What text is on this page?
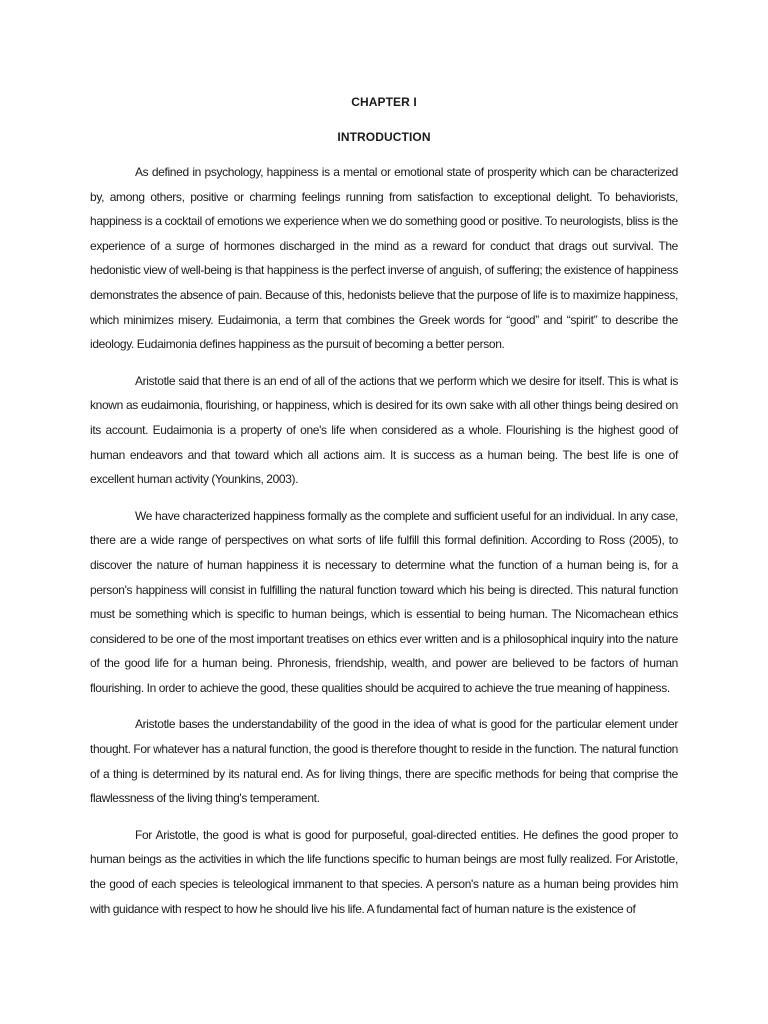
CHAPTER I
INTRODUCTION

As defined in psychology, happiness is a mental or emotional state of prosperity which can be characterized by, among others, positive or charming feelings running from satisfaction to exceptional delight. To behaviorists, happiness is a cocktail of emotions we experience when we do something good or positive. To neurologists, bliss is the experience of a surge of hormones discharged in the mind as a reward for conduct that drags out survival. The hedonistic view of well-being is that happiness is the perfect inverse of anguish, of suffering; the existence of happiness demonstrates the absence of pain. Because of this, hedonists believe that the purpose of life is to maximize happiness, which minimizes misery. Eudaimonia, a term that combines the Greek words for “good” and “spirit” to describe the ideology. Eudaimonia defines happiness as the pursuit of becoming a better person.

Aristotle said that there is an end of all of the actions that we perform which we desire for itself. This is what is known as eudaimonia, flourishing, or happiness, which is desired for its own sake with all other things being desired on its account. Eudaimonia is a property of one's life when considered as a whole. Flourishing is the highest good of human endeavors and that toward which all actions aim. It is success as a human being. The best life is one of excellent human activity (Younkins, 2003).

We have characterized happiness formally as the complete and sufficient useful for an individual. In any case, there are a wide range of perspectives on what sorts of life fulfill this formal definition. According to Ross (2005), to discover the nature of human happiness it is necessary to determine what the function of a human being is, for a person's happiness will consist in fulfilling the natural function toward which his being is directed. This natural function must be something which is specific to human beings, which is essential to being human. The Nicomachean ethics considered to be one of the most important treatises on ethics ever written and is a philosophical inquiry into the nature of the good life for a human being. Phronesis, friendship, wealth, and power are believed to be factors of human flourishing. In order to achieve the good, these qualities should be acquired to achieve the true meaning of happiness.

Aristotle bases the understandability of the good in the idea of what is good for the particular element under thought. For whatever has a natural function, the good is therefore thought to reside in the function. The natural function of a thing is determined by its natural end. As for living things, there are specific methods for being that comprise the flawlessness of the living thing's temperament.

For Aristotle, the good is what is good for purposeful, goal-directed entities. He defines the good proper to human beings as the activities in which the life functions specific to human beings are most fully realized. For Aristotle, the good of each species is teleological immanent to that species. A person's nature as a human being provides him with guidance with respect to how he should live his life. A fundamental fact of human nature is the existence of
